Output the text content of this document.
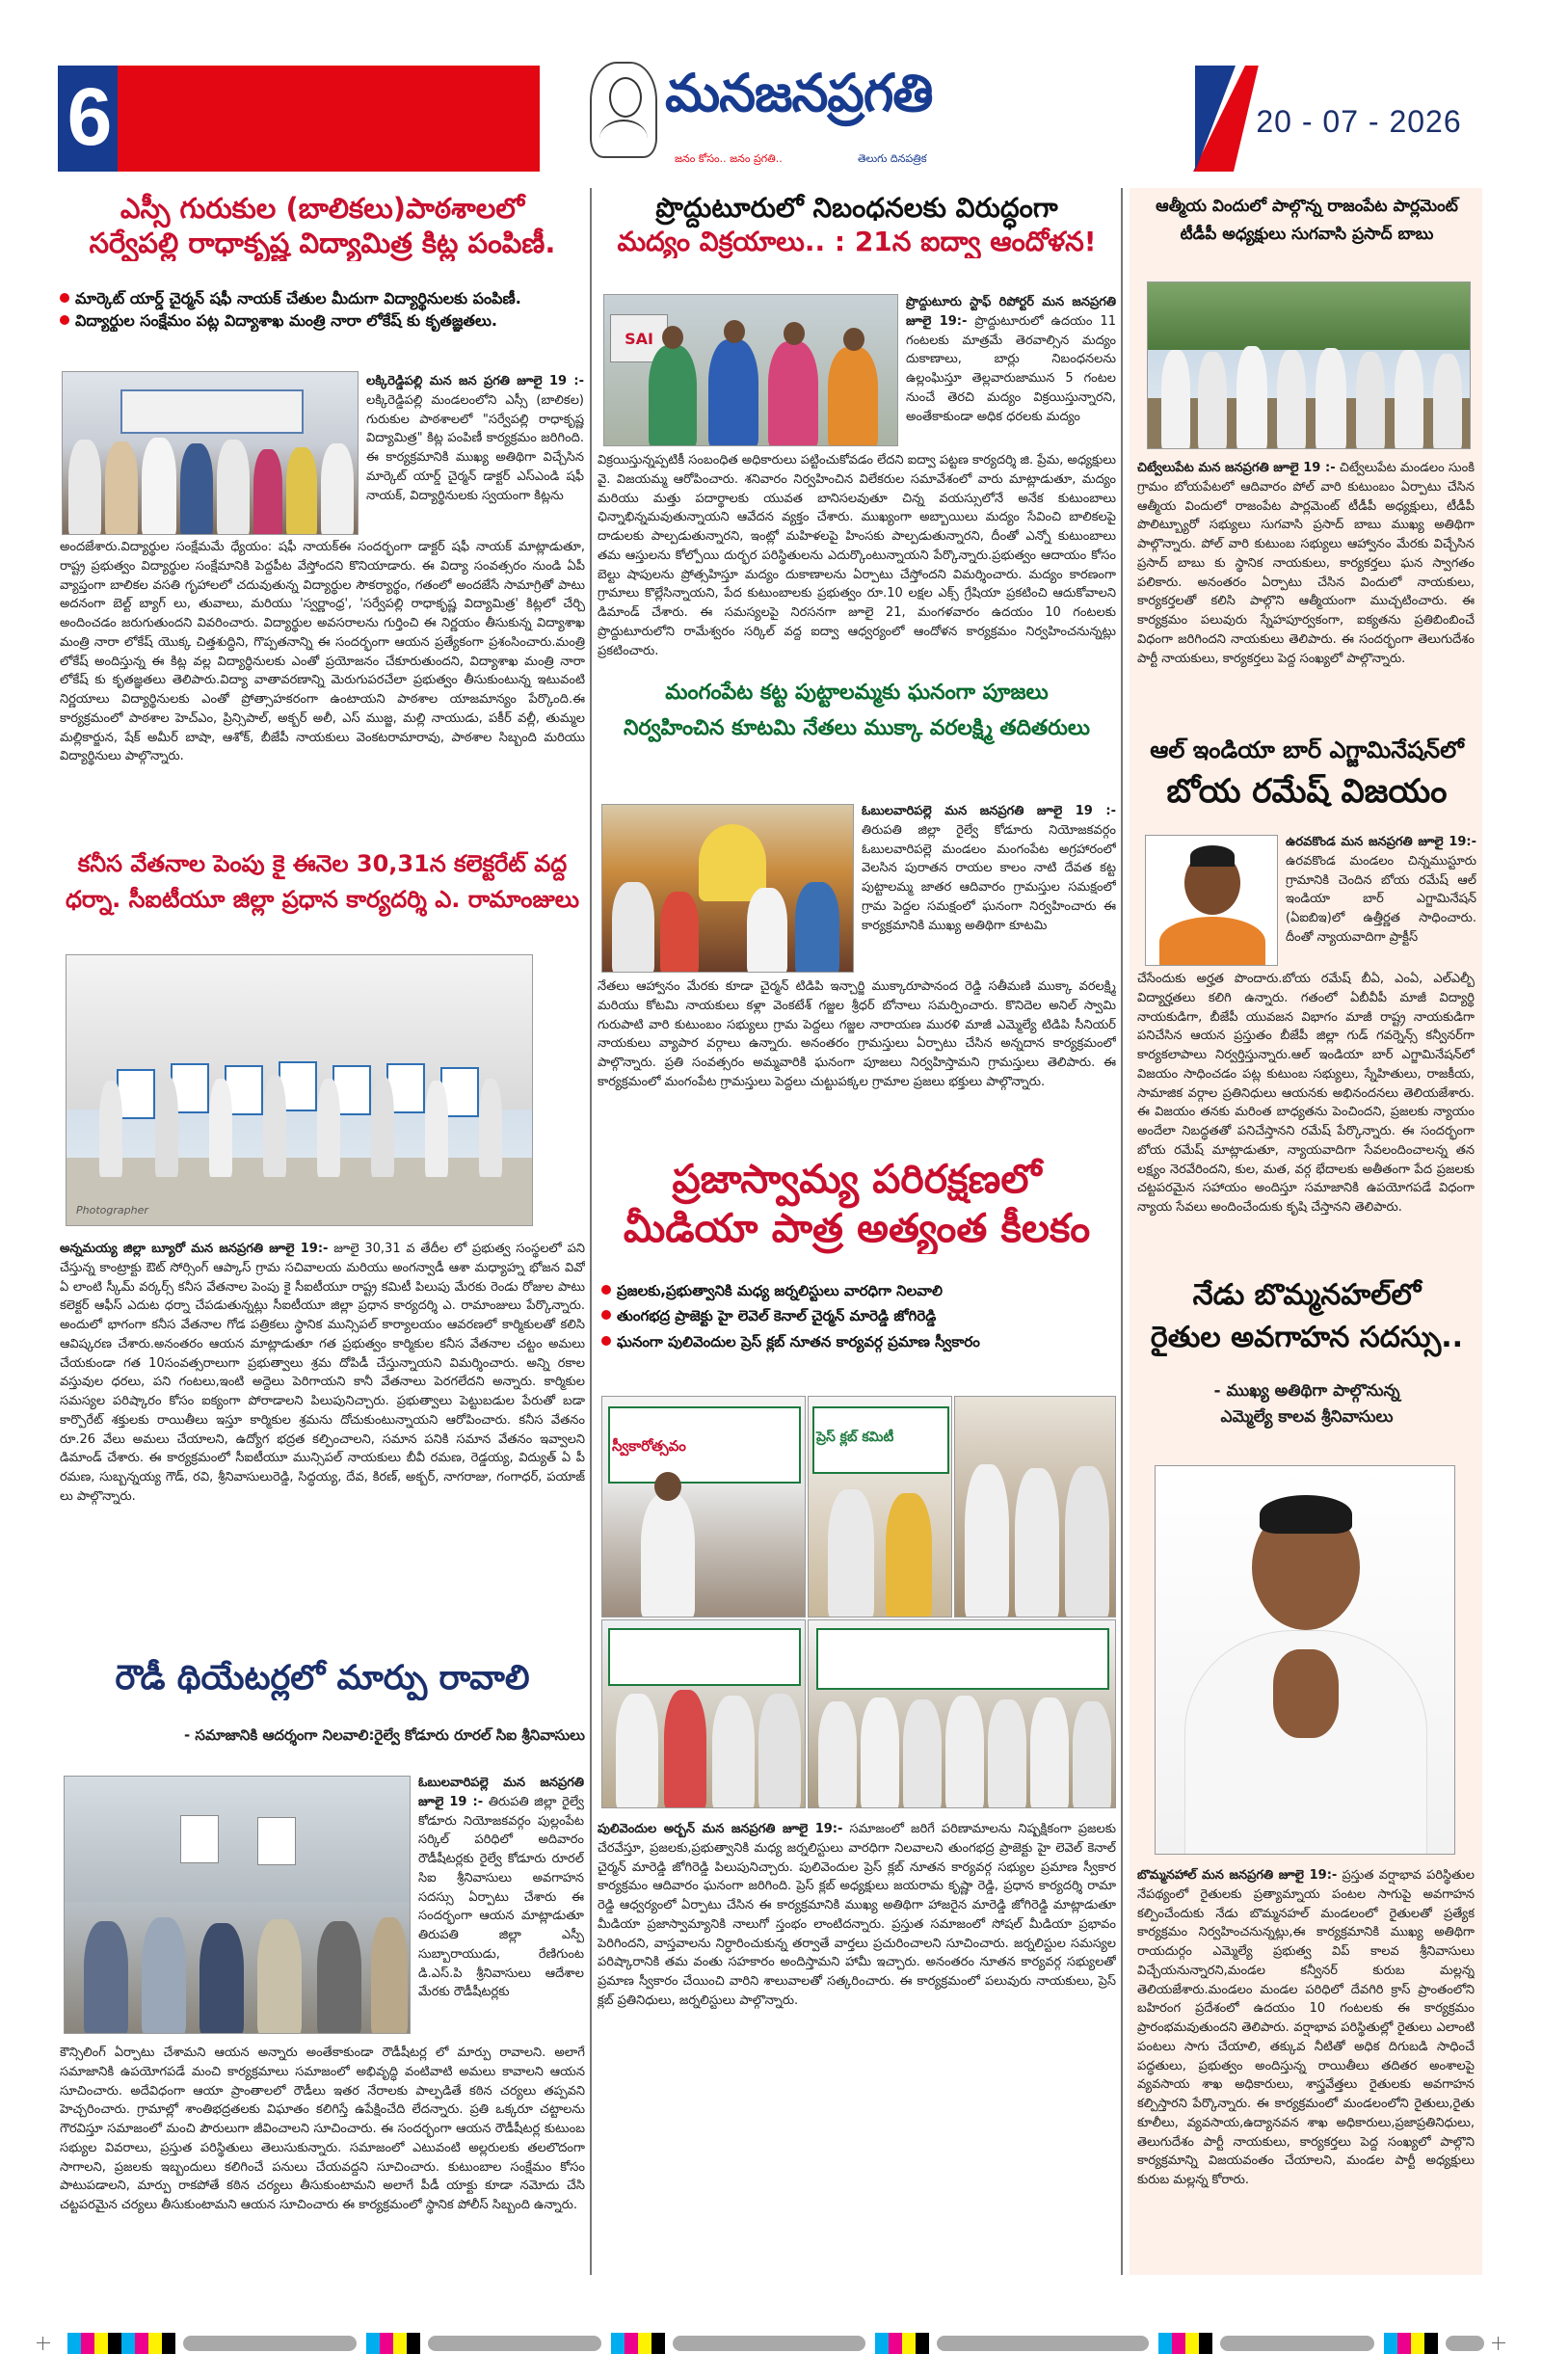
6	మనజనప్రగతి
జనం కోసం.. జనం ప్రగతి..	తెలుగు దినపత్రిక
20 - 07 - 2026
ఎస్సీ గురుకుల (బాలికలు)పాఠశాలలో
సర్వేపల్లి రాధాకృష్ణ విద్యామిత్ర కిట్ల పంపిణీ.
మార్కెట్ యార్డ్ చైర్మన్ షఫీ నాయక్ చేతుల మీదుగా విద్యార్థినులకు పంపిణీ.
విద్యార్థుల సంక్షేమం పట్ల విద్యాశాఖ మంత్రి నారా లోకేష్ కు కృతజ్ఞతలు.
లక్కిరెడ్డిపల్లి మన జన ప్రగతి జూలై 19 :- లక్కిరెడ్డిపల్లి మండలంలోని ఎస్సీ (బాలికల) గురుకుల పాఠశాలలో "సర్వేపల్లి రాధాకృష్ణ విద్యామిత్ర" కిట్ల పంపిణీ కార్యక్రమం జరిగింది. ఈ కార్యక్రమానికి ముఖ్య అతిథిగా విచ్చేసిన మార్కెట్ యార్డ్ చైర్మన్ డాక్టర్ ఎస్ఎండి షఫీ నాయక్, విద్యార్థినులకు స్వయంగా కిట్లను
అందజేశారు.విద్యార్థుల సంక్షేమమే ధ్యేయం: షఫీ నాయక్ఈ సందర్భంగా డాక్టర్ షఫీ నాయక్ మాట్లాడుతూ, రాష్ట్ర ప్రభుత్వం విద్యార్థుల సంక్షేమానికి పెద్దపీట వేస్తోందని కొనియాడారు. ఈ విద్యా సంవత్సరం నుండి ఏపీ వ్యాప్తంగా బాలికల వసతి గృహాలలో చదువుతున్న విద్యార్థుల సౌకర్యార్థం, గతంలో అందజేసే సామాగ్రితో పాటు అదనంగా బెల్ట్ బ్యాగ్ లు, తువాలు, మరియు 'స్వర్ణాంధ్ర', 'సర్వేపల్లి రాధాకృష్ణ విద్యామిత్ర' కిట్లలో చేర్చి అందించడం జరుగుతుందని వివరించారు. విద్యార్థుల అవసరాలను గుర్తించి ఈ నిర్ణయం తీసుకున్న విద్యాశాఖ మంత్రి నారా లోకేష్ యొక్క చిత్తశుద్ధిని, గొప్పతనాన్ని ఈ సందర్భంగా ఆయన ప్రత్యేకంగా ప్రశంసించారు.మంత్రి లోకేష్ అందిస్తున్న ఈ కిట్ల వల్ల విద్యార్థినులకు ఎంతో ప్రయోజనం చేకూరుతుందని, విద్యాశాఖ మంత్రి నారా లోకేష్ కు కృతజ్ఞతలు తెలిపారు.విద్యా వాతావరణాన్ని మెరుగుపరచేలా ప్రభుత్వం తీసుకుంటున్న ఇటువంటి నిర్ణయాలు విద్యార్థినులకు ఎంతో ప్రోత్సాహకరంగా ఉంటాయని పాఠశాల యాజమాన్యం పేర్కొంది.ఈ కార్యక్రమంలో పాఠశాల హెచ్ఎం, ప్రిన్సిపాల్, అక్బర్ అలీ, ఎస్ ముజ్జ, మల్లి నాయుడు, పకీర్ వల్లీ, తుమ్మల మల్లికార్జున, షేక్ అమీర్ బాషా, ఆశోక్, బీజేపీ నాయకులు వెంకటరామారావు, పాఠశాల సిబ్బంది మరియు విద్యార్థినులు పాల్గొన్నారు.
కనీస వేతనాల పెంపు కై ఈనెల 30,31న కలెక్టరేట్ వద్ద
ధర్నా. సీఐటీయూ జిల్లా ప్రధాన కార్యదర్శి ఎ. రామాంజులు
Photographer
అన్నమయ్య జిల్లా బ్యూరో మన జనప్రగతి జూలై 19:- జూలై 30,31 వ తేదీల లో ప్రభుత్వ సంస్థలలో పని చేస్తున్న కాంట్రాక్టు ఔట్ సోర్సింగ్ ఆప్కాస్ గ్రామ సచివాలయ మరియు అంగన్వాడీ ఆశా మధ్యాహ్న భోజన వివో ఏ లాంటి స్కీమ్ వర్కర్స్ కనీస వేతనాల పెంపు కై సీఐటీయూ రాష్ట్ర కమిటీ పిలుపు మేరకు రెండు రోజుల పాటు కలెక్టర్ ఆఫీస్ ఎదుట ధర్నా చేపడుతున్నట్లు సీఐటీయూ జిల్లా ప్రధాన కార్యదర్శి ఎ. రామాంజులు పేర్కొన్నారు. అందులో భాగంగా కనీస వేతనాల గోడ పత్రికలు స్థానిక మున్సిపల్ కార్యాలయం ఆవరణలో కార్మికులతో కలిసి ఆవిష్కరణ చేశారు.అనంతరం ఆయన మాట్లాడుతూ గత ప్రభుత్వం కార్మికుల కనీస వేతనాల చట్టం అమలు చేయకుండా గత 10సంవత్సరాలుగా ప్రభుత్వాలు శ్రమ దోపిడీ చేస్తున్నాయని విమర్శించారు. అన్ని రకాల వస్తువుల ధరలు, పని గంటలు,ఇంటి అద్దెలు పెరిగాయని కానీ వేతనాలు పెరగలేదని అన్నారు. కార్మికుల సమస్యల పరిష్కారం కోసం ఐక్యంగా పోరాడాలని పిలుపునిచ్చారు. ప్రభుత్వాలు పెట్టుబడుల పేరుతో బడా కార్పొరేట్ శక్తులకు రాయితీలు ఇస్తూ కార్మికుల శ్రమను దోచుకుంటున్నాయని ఆరోపించారు. కనీస వేతనం రూ.26 వేలు అమలు చేయాలని, ఉద్యోగ భద్రత కల్పించాలని, సమాన పనికి సమాన వేతనం ఇవ్వాలని డిమాండ్ చేశారు. ఈ కార్యక్రమంలో సీఐటీయూ మున్సిపల్ నాయకులు బీవీ రమణ, రెడ్డయ్య, విద్యుత్ ఏ పీ రమణ, సుబ్బన్నయ్య గౌడ్, రవి, శ్రీనివాసులురెడ్డి, సిద్ధయ్య, దేవ, కిరణ్, అక్బర్, నాగరాజు, గంగాధర్, పయాజ్ లు పాల్గొన్నారు.
రౌడీ థియేటర్లలో మార్పు రావాలి
- సమాజానికి ఆదర్శంగా నిలవాలి:రైల్వే కోడూరు రూరల్ సిఐ శ్రీనివాసులు
ఓబులవారిపల్లె మన జనప్రగతి జూలై 19 :- తిరుపతి జిల్లా రైల్వే కోడూరు నియోజకవర్గం పుల్లంపేట సర్కిల్ పరిధిలో అదివారం రౌడీషీటర్లకు రైల్వే కోడూరు రూరల్ సిఐ శ్రీనివాసులు అవగాహన సదస్సు ఏర్పాటు చేశారు ఈ సందర్భంగా ఆయన మాట్లాడుతూ తిరుపతి జిల్లా ఎస్పీ సుబ్బారాయుడు, రేణిగుంట డి.ఎస్.పి శ్రీనివాసులు ఆదేశాల మేరకు రౌడీషీటర్లకు
కౌన్సిలింగ్ ఏర్పాటు చేశామని ఆయన అన్నారు అంతేకాకుండా రౌడీషీటర్ల లో మార్పు రావాలని. అలాగే సమాజానికి ఉపయోగపడే మంచి కార్యక్రమాలు సమాజంలో అభివృద్ధి వంటివాటి అమలు కావాలని ఆయన సూచించారు. అదేవిధంగా ఆయా ప్రాంతాలలో రౌడీలు ఇతర నేరాలకు పాల్పడితే కఠిన చర్యలు తప్పవని హెచ్చరించారు. గ్రామాల్లో శాంతిభద్రతలకు విఘాతం కలిగిస్తే ఉపేక్షించేది లేదన్నారు. ప్రతి ఒక్కరూ చట్టాలను గౌరవిస్తూ సమాజంలో మంచి పౌరులుగా జీవించాలని సూచించారు. ఈ సందర్భంగా ఆయన రౌడీషీటర్ల కుటుంబ సభ్యుల వివరాలు, ప్రస్తుత పరిస్థితులు తెలుసుకున్నారు. సమాజంలో ఎటువంటి అల్లరులకు తలలొదంగా సాగాలని, ప్రజలకు ఇబ్బందులు కలిగించే పనులు చేయవద్దని సూచించారు. కుటుంబాల సంక్షేమం కోసం పాటుపడాలని, మార్పు రాకపోతే కఠిన చర్యలు తీసుకుంటామని అలాగే పీడీ యాక్టు కూడా నమోదు చేసి చట్టపరమైన చర్యలు తీసుకుంటామని ఆయన సూచించారు ఈ కార్యక్రమంలో స్థానిక పోలీస్ సిబ్బంది ఉన్నారు.
ప్రొద్దుటూరులో నిబంధనలకు విరుద్ధంగా
మద్యం విక్రయాలు.. : 21న ఐద్వా ఆందోళన!
SAI
ప్రొద్దుటూరు స్టాఫ్ రిపోర్టర్ మన జనప్రగతి జూలై 19:- ప్రొద్దుటూరులో ఉదయం 11 గంటలకు మాత్రమే తెరవాల్సిన మద్యం దుకాణాలు, బార్లు నిబంధనలను ఉల్లంఘిస్తూ తెల్లవారుజామున 5 గంటల నుంచే తెరచి మద్యం విక్రయిస్తున్నారని, అంతేకాకుండా అధిక ధరలకు మద్యం
విక్రయిస్తున్నప్పటికీ సంబంధిత అధికారులు పట్టించుకోవడం లేదని ఐద్వా పట్టణ కార్యదర్శి జి. ప్రేమ, అధ్యక్షులు వై. విజయమ్మ ఆరోపించారు. శనివారం నిర్వహించిన విలేకరుల సమావేశంలో వారు మాట్లాడుతూ, మద్యం మరియు మత్తు పదార్థాలకు యువత బానిసలవుతూ చిన్న వయస్సులోనే అనేక కుటుంబాలు ఛిన్నాభిన్నమవుతున్నాయని ఆవేదన వ్యక్తం చేశారు. ముఖ్యంగా అబ్బాయిలు మద్యం సేవించి బాలికలపై దాడులకు పాల్పడుతున్నారని, ఇంట్లో మహిళలపై హింసకు పాల్పడుతున్నారని, దీంతో ఎన్నో కుటుంబాలు తమ ఆస్తులను కోల్పోయి దుర్భర పరిస్థితులను ఎదుర్కొంటున్నాయని పేర్కొన్నారు.ప్రభుత్వం ఆదాయం కోసం బెల్టు షాపులను ప్రోత్సహిస్తూ మద్యం దుకాణాలను ఏర్పాటు చేస్తోందని విమర్శించారు. మద్యం కారణంగా గ్రామాలు కొల్లేసిన్నాయని, పేద కుటుంబాలకు ప్రభుత్వం రూ.10 లక్షల ఎక్స్ గ్రేషియా ప్రకటించి ఆదుకోవాలని డిమాండ్ చేశారు. ఈ సమస్యలపై నిరసనగా జూలై 21, మంగళవారం ఉదయం 10 గంటలకు ప్రొద్దుటూరులోని రామేశ్వరం సర్కిల్ వద్ద ఐద్వా ఆధ్వర్యంలో ఆందోళన కార్యక్రమం నిర్వహించనున్నట్లు ప్రకటించారు.
మంగంపేట కట్ట పుట్టాలమ్మకు ఘనంగా పూజలు
నిర్వహించిన కూటమి నేతలు ముక్కా వరలక్ష్మి తదితరులు
ఓబులవారిపల్లె మన జనప్రగతి జూలై 19 :- తిరుపతి జిల్లా రైల్వే కోడూరు నియోజకవర్గం ఓబులవారిపల్లె మండలం మంగంపేట అగ్రహారంలో వెలసిన పురాతన రాయల కాలం నాటి దేవత కట్ట పుట్టాలమ్మ జాతర ఆదివారం గ్రామస్తుల సమక్షంలో గ్రామ పెద్దల సమక్షంలో ఘనంగా నిర్వహించారు ఈ కార్యక్రమానికి ముఖ్య అతిథిగా కూటమి
నేతలు ఆహ్వానం మేరకు కూడా చైర్మన్ టిడిపి ఇన్చార్జి ముక్కారూపానంద రెడ్డి సతీమణి ముక్కా వరలక్ష్మి మరియు కోటమి నాయకులు కళ్లా వెంకటేశ్ గజ్జల శ్రీధర్ బోనాలు సమర్పించారు. కొనిదెల అనిల్ స్వామి గురుపాటి వారి కుటుంబం సభ్యులు గ్రామ పెద్దలు గజ్జల నారాయణ మురళి మాజీ ఎమ్మెల్యే టిడిపి సీనియర్ నాయకులు వ్యాపార వర్గాలు ఉన్నారు. అనంతరం గ్రామస్తులు ఏర్పాటు చేసిన అన్నదాన కార్యక్రమంలో పాల్గొన్నారు. ప్రతి సంవత్సరం అమ్మవారికి ఘనంగా పూజలు నిర్వహిస్తామని గ్రామస్తులు తెలిపారు. ఈ కార్యక్రమంలో మంగంపేట గ్రామస్తులు పెద్దలు చుట్టుపక్కల గ్రామాల ప్రజలు భక్తులు పాల్గొన్నారు.
ప్రజాస్వామ్య పరిరక్షణలో
మీడియా పాత్ర అత్యంత కీలకం
ప్రజలకు,ప్రభుత్వానికి మధ్య జర్నలిస్టులు వారధిగా నిలవాలి
తుంగభద్ర ప్రాజెక్టు హై లెవెల్ కెనాల్ చైర్మన్ మారెడ్డి జోగిరెడ్డి
ఘనంగా పులివెందుల ప్రెస్ క్లబ్ నూతన కార్యవర్గ ప్రమాణ స్వీకారం
స్వీకారోత్సవం	ప్రెస్ క్లబ్ కమిటీ
పులివెందుల అర్బన్ మన జనప్రగతి జూలై 19:- సమాజంలో జరిగే పరిణామాలను నిష్పక్షికంగా ప్రజలకు చేరవేస్తూ, ప్రజలకు,ప్రభుత్వానికి మధ్య జర్నలిస్టులు వారధిగా నిలవాలని తుంగభద్ర ప్రాజెక్టు హై లెవెల్ కెనాల్ చైర్మన్ మారెడ్డి జోగిరెడ్డి పిలుపునిచ్చారు. పులివెందుల ప్రెస్ క్లబ్ నూతన కార్యవర్గ సభ్యుల ప్రమాణ స్వీకార కార్యక్రమం ఆదివారం ఘనంగా జరిగింది. ప్రెస్ క్లబ్ అధ్యక్షులు జయరామ కృష్ణా రెడ్డి, ప్రధాన కార్యదర్శి రామా రెడ్డి ఆధ్వర్యంలో ఏర్పాటు చేసిన ఈ కార్యక్రమానికి ముఖ్య అతిథిగా హాజరైన మారెడ్డి జోగిరెడ్డి మాట్లాడుతూ మీడియా ప్రజాస్వామ్యానికి నాలుగో స్తంభం లాంటిదన్నారు. ప్రస్తుత సమాజంలో సోషల్ మీడియా ప్రభావం పెరిగిందని, వాస్తవాలను నిర్ధారించుకున్న తర్వాతే వార్తలు ప్రచురించాలని సూచించారు. జర్నలిస్టుల సమస్యల పరిష్కారానికి తమ వంతు సహకారం అందిస్తామని హామీ ఇచ్చారు. అనంతరం నూతన కార్యవర్గ సభ్యులతో ప్రమాణ స్వీకారం చేయించి వారిని శాలువాలతో సత్కరించారు. ఈ కార్యక్రమంలో పలువురు నాయకులు, ప్రెస్ క్లబ్ ప్రతినిధులు, జర్నలిస్టులు పాల్గొన్నారు.
ఆత్మీయ విందులో పాల్గొన్న రాజంపేట పార్లమెంట్
టీడీపీ అధ్యక్షులు సుగవాసి ప్రసాద్ బాబు
చిట్వేలుపేట మన జనప్రగతి జూలై 19 :- చిట్వేలుపేట మండలం సుంకి గ్రామం బోయపేటలో ఆదివారం పోల్ వారి కుటుంబం ఏర్పాటు చేసిన ఆత్మీయ విందులో రాజంపేట పార్లమెంట్ టీడీపీ అధ్యక్షులు, టీడీపీ పొలిట్బ్యూరో సభ్యులు సుగవాసి ప్రసాద్ బాబు ముఖ్య అతిథిగా పాల్గొన్నారు. పోల్ వారి కుటుంబ సభ్యులు ఆహ్వానం మేరకు విచ్చేసిన ప్రసాద్ బాబు కు స్థానిక నాయకులు, కార్యకర్తలు ఘన స్వాగతం పలికారు. అనంతరం ఏర్పాటు చేసిన విందులో నాయకులు, కార్యకర్తలతో కలిసి పాల్గొని ఆత్మీయంగా ముచ్చటించారు. ఈ కార్యక్రమం పలువురు స్నేహపూర్వకంగా, ఐక్యతను ప్రతిబింబించే విధంగా జరిగిందని నాయకులు తెలిపారు. ఈ సందర్భంగా తెలుగుదేశం పార్టీ నాయకులు, కార్యకర్తలు పెద్ద సంఖ్యలో పాల్గొన్నారు.
ఆల్ ఇండియా బార్ ఎగ్జామినేషన్‌లో
బోయ రమేష్ విజయం
ఉరవకొండ మన జనప్రగతి జూలై 19:- ఉరవకొండ మండలం చిన్నముస్టూరు గ్రామానికి చెందిన బోయ రమేష్ ఆల్ ఇండియా బార్ ఎగ్జామినేషన్ (ఏఐబిఇ)లో ఉత్తీర్ణత సాధించారు. దీంతో న్యాయవాదిగా ప్రాక్టీస్
చేసేందుకు అర్హత పొందారు.బోయ రమేష్ బీఏ, ఎంఏ, ఎల్ఎల్బీ విద్యార్హతలు కలిగి ఉన్నారు. గతంలో ఏబీవీపీ మాజీ విద్యార్థి నాయకుడిగా, బీజేపీ యువజన విభాగం మాజీ రాష్ట్ర నాయకుడిగా పనిచేసిన ఆయన ప్రస్తుతం బీజేపీ జిల్లా గుడ్ గవర్నెన్స్ కన్వీనర్‌గా కార్యకలాపాలు నిర్వర్తిస్తున్నారు.ఆల్ ఇండియా బార్ ఎగ్జామినేషన్‌లో విజయం సాధించడం పట్ల కుటుంబ సభ్యులు, స్నేహితులు, రాజకీయ, సామాజిక వర్గాల ప్రతినిధులు ఆయనకు అభినందనలు తెలియజేశారు. ఈ విజయం తనకు మరింత బాధ్యతను పెంచిందని, ప్రజలకు న్యాయం అందేలా నిబద్ధతతో పనిచేస్తానని రమేష్ పేర్కొన్నారు. ఈ సందర్భంగా బోయ రమేష్ మాట్లాడుతూ, న్యాయవాదిగా సేవలందించాలన్న తన లక్ష్యం నెరవేరిందని, కుల, మత, వర్గ భేదాలకు అతీతంగా పేద ప్రజలకు చట్టపరమైన సహాయం అందిస్తూ సమాజానికి ఉపయోగపడే విధంగా న్యాయ సేవలు అందించేందుకు కృషి చేస్తానని తెలిపారు.
నేడు బొమ్మనహల్‌లో
రైతుల అవగాహన సదస్సు..
- ముఖ్య అతిథిగా పాల్గొనున్న
ఎమ్మెల్యే కాలవ శ్రీనివాసులు
బొమ్మనహాల్ మన జనప్రగతి జూలై 19:- ప్రస్తుత వర్షాభావ పరిస్థితుల నేపథ్యంలో రైతులకు ప్రత్యామ్నాయ పంటల సాగుపై అవగాహన కల్పించేందుకు నేడు బొమ్మనహల్ మండలంలో రైతులతో ప్రత్యేక కార్యక్రమం నిర్వహించనున్నట్లు,ఈ కార్యక్రమానికి ముఖ్య అతిథిగా రాయదుర్గం ఎమ్మెల్యే ప్రభుత్వ విప్ కాలవ శ్రీనివాసులు విచ్చేయనున్నారని,మండల కన్వీనర్ కురుబ మల్లన్న తెలియజేశారు.మండలం మండల పరిధిలో దేవగిరి క్రాస్ ప్రాంతంలోని బహిరంగ ప్రదేశంలో ఉదయం 10 గంటలకు ఈ కార్యక్రమం ప్రారంభమవుతుందని తెలిపారు. వర్షాభావ పరిస్థితుల్లో రైతులు ఎలాంటి పంటలు సాగు చేయాలి, తక్కువ నీటితో అధిక దిగుబడి సాధించే పద్ధతులు, ప్రభుత్వం అందిస్తున్న రాయితీలు తదితర అంశాలపై వ్యవసాయ శాఖ అధికారులు, శాస్త్రవేత్తలు రైతులకు అవగాహన కల్పిస్తారని పేర్కొన్నారు. ఈ కార్యక్రమంలో మండలంలోని రైతులు,రైతు కూలీలు, వ్యవసాయ,ఉద్యానవన శాఖ అధికారులు,ప్రజాప్రతినిధులు, తెలుగుదేశం పార్టీ నాయకులు, కార్యకర్తలు పెద్ద సంఖ్యలో పాల్గొని కార్యక్రమాన్ని విజయవంతం చేయాలని, మండల పార్టీ అధ్యక్షులు కురుబ మల్లన్న కోరారు.
